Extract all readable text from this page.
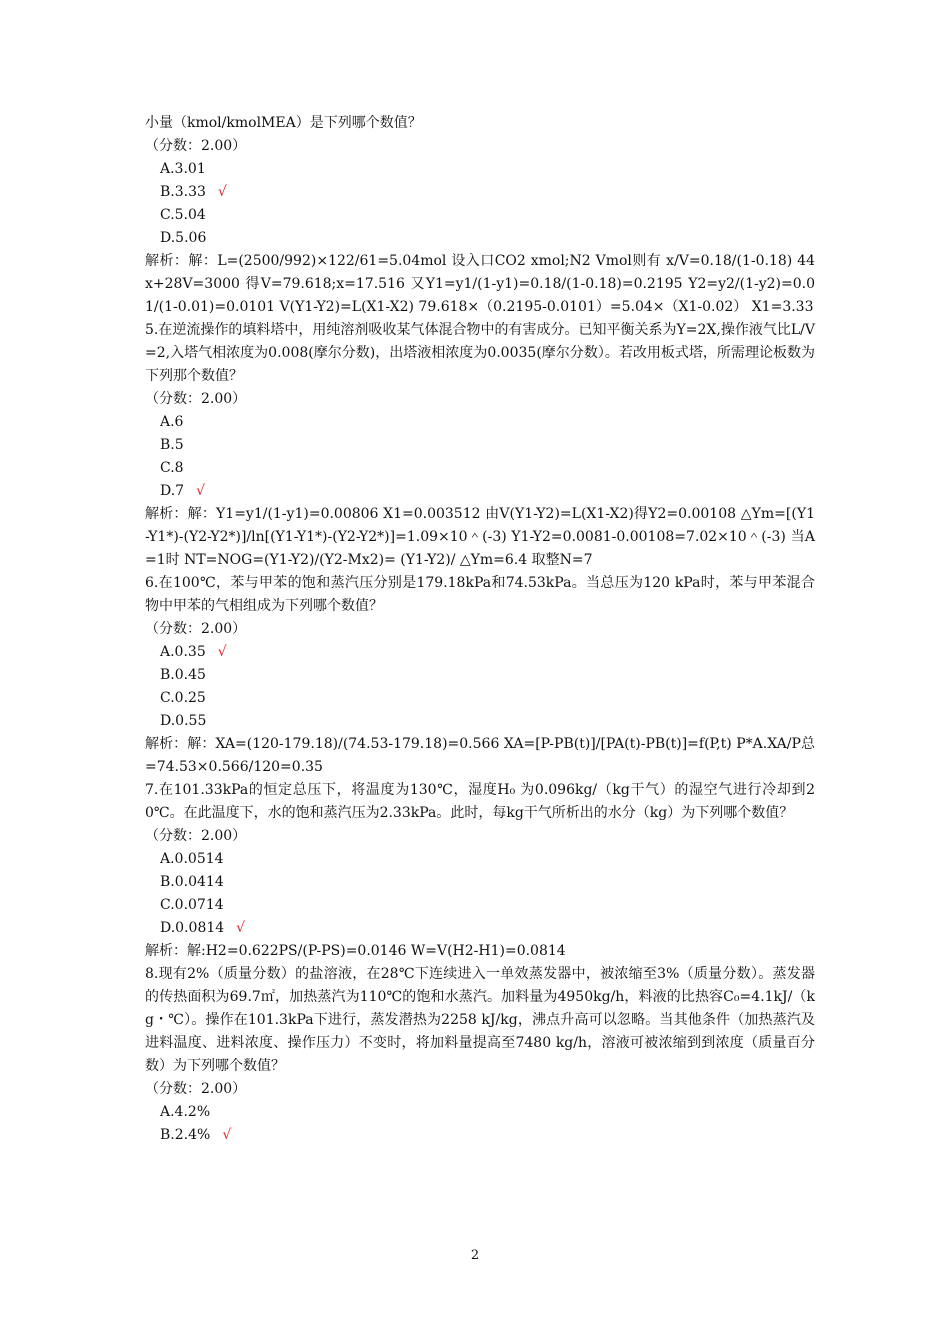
小量（kmol/kmolMEA）是下列哪个数值？

（分数：2.00）

A.3.01

B.3.33 √

C.5.04

D.5.06

解析：解：L=(2500/992)×122/61=5.04mol 设入口CO2 xmol;N2 Vmol则有 x/V=0.18/(1-0.18) 44x+28V=3000 得V=79.618;x=17.516 又Y1=y1/(1-y1)=0.18/(1-0.18)=0.2195 Y2=y2/(1-y2)=0.01/(1-0.01)=0.0101 V(Y1-Y2)=L(X1-X2) 79.618×（0.2195-0.0101）=5.04×（X1-0.02） X1=3.33

5.在逆流操作的填料塔中，用纯溶剂吸收某气体混合物中的有害成分。已知平衡关系为Y=2X,操作液气比L/V=2,入塔气相浓度为0.008(摩尔分数)，出塔液相浓度为0.0035(摩尔分数）。若改用板式塔，所需理论板数为下列那个数值？

（分数：2.00）

A.6

B.5

C.8

D.7 √

解析：解：Y1=y1/(1-y1)=0.00806 X1=0.003512 由V(Y1-Y2)=L(X1-X2)得Y2=0.00108 △Ym=[(Y1-Y1*)-(Y2-Y2*)]/ln[(Y1-Y1*)-(Y2-Y2*)]=1.09×10＾(-3) Y1-Y2=0.0081-0.00108=7.02×10＾(-3) 当A=1时 NT=NOG=(Y1-Y2)/(Y2-Mx2)= (Y1-Y2)/ △Ym=6.4 取整N=7

6.在100℃，苯与甲苯的饱和蒸汽压分别是179.18kPa和74.53kPa。当总压为120 kPa时，苯与甲苯混合物中甲苯的气相组成为下列哪个数值？

（分数：2.00）

A.0.35 √

B.0.45

C.0.25

D.0.55

解析：解：XA=(120-179.18)/(74.53-179.18)=0.566 XA=[P-PB(t)]/[PA(t)-PB(t)]=f(P,t) P*A.XA/P总=74.53×0.566/120=0.35

7.在101.33kPa的恒定总压下，将温度为130℃，湿度H₀ 为0.096kg/（kg干气）的湿空气进行冷却到20℃。在此温度下，水的饱和蒸汽压为2.33kPa。此时，每kg干气所析出的水分（kg）为下列哪个数值？

（分数：2.00）

A.0.0514

B.0.0414

C.0.0714

D.0.0814 √

解析：解:H2=0.622PS/(P-PS)=0.0146 W=V(H2-H1)=0.0814

8.现有2%（质量分数）的盐溶液，在28℃下连续进入一单效蒸发器中，被浓缩至3%（质量分数）。蒸发器的传热面积为69.7㎡，加热蒸汽为110℃的饱和水蒸汽。加料量为4950kg/h，料液的比热容C₀=4.1kJ/（kg・℃）。操作在101.3kPa下进行，蒸发潜热为2258 kJ/kg，沸点升高可以忽略。当其他条件（加热蒸汽及进料温度、进料浓度、操作压力）不变时，将加料量提高至7480 kg/h，溶液可被浓缩到到浓度（质量百分数）为下列哪个数值？

（分数：2.00）

A.4.2%

B.2.4% √

2
